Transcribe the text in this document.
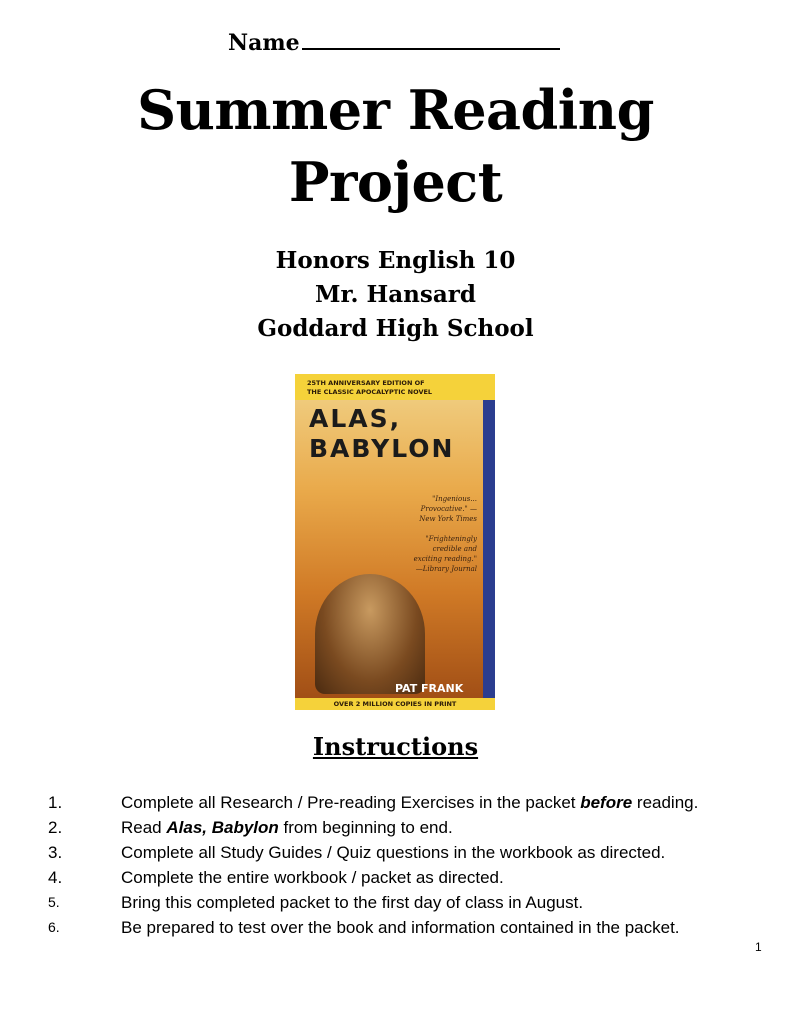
Name
Summer Reading
Project
Honors English 10
Mr. Hansard
Goddard High School
25TH ANNIVERSARY EDITION OF
THE CLASSIC APOCALYPTIC NOVEL
ALAS,
BABYLON
"Ingenious... Provocative." —New York Times
"Frighteningly credible and exciting reading." —Library Journal
PAT FRANK
OVER 2 MILLION COPIES IN PRINT
Instructions
1.	Complete all Research / Pre-reading Exercises in the packet before reading.
2.	Read Alas, Babylon from beginning to end.
3.	Complete all Study Guides / Quiz questions in the workbook as directed.
4.	Complete the entire workbook / packet as directed.
5.	Bring this completed packet to the first day of class in August.
6.	Be prepared to test over the book and information contained in the packet.
1
